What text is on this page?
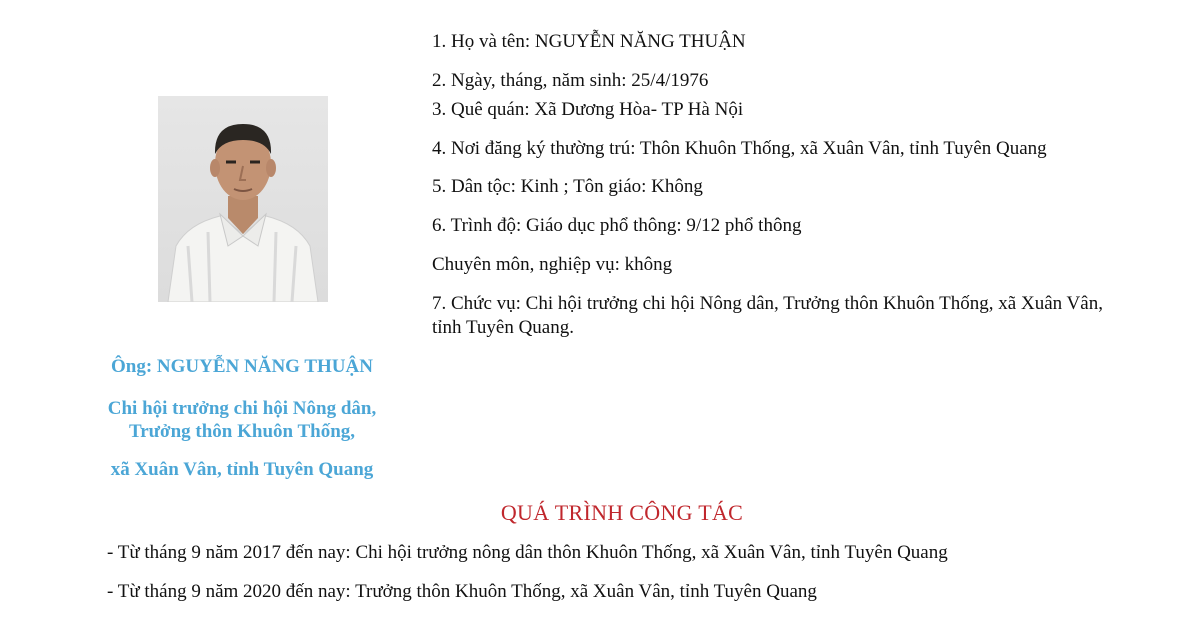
Ông: NGUYỄN NĂNG THUẬN
Chi hội trưởng chi hội Nông dân,
Trưởng thôn Khuôn Thống,
xã Xuân Vân, tỉnh Tuyên Quang
1. Họ và tên: NGUYỄN NĂNG THUẬN
2. Ngày, tháng, năm sinh: 25/4/1976
3. Quê quán: Xã Dương Hòa- TP Hà Nội
4. Nơi đăng ký thường trú: Thôn Khuôn Thống, xã Xuân Vân, tỉnh Tuyên Quang
5. Dân tộc: Kinh ; Tôn giáo: Không
6. Trình độ: Giáo dục phổ thông: 9/12 phổ thông
Chuyên môn, nghiệp vụ: không
7. Chức vụ: Chi hội trưởng chi hội Nông dân, Trưởng thôn Khuôn Thống, xã Xuân Vân, tỉnh Tuyên Quang.
QUÁ TRÌNH CÔNG TÁC
- Từ tháng 9 năm 2017 đến nay: Chi hội trưởng nông dân thôn Khuôn Thống, xã Xuân Vân, tỉnh Tuyên Quang
- Từ tháng 9 năm 2020 đến nay: Trưởng thôn Khuôn Thống, xã Xuân Vân, tỉnh Tuyên Quang
